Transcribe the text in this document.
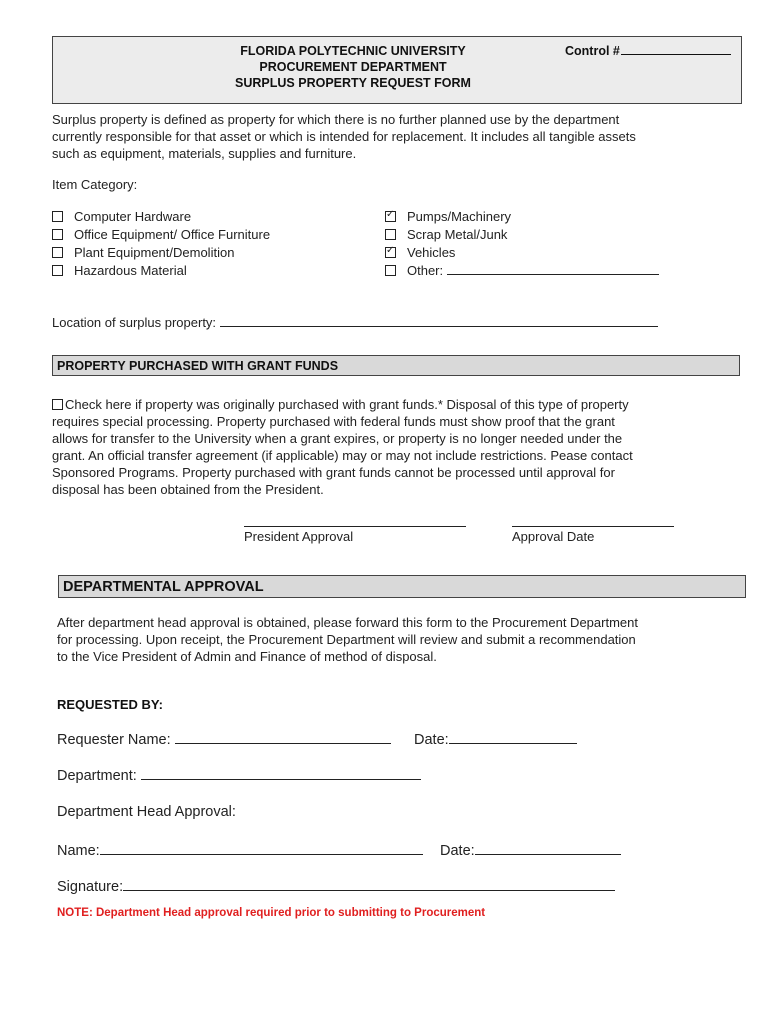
FLORIDA POLYTECHNIC UNIVERSITY
PROCUREMENT DEPARTMENT
SURPLUS PROPERTY REQUEST FORM
Control #
Surplus property is defined as property for which there is no further planned use by the department
currently responsible for that asset or which is intended for replacement. It includes all tangible assets
such as equipment, materials, supplies and furniture.
Item Category:
Computer Hardware
Office Equipment/ Office Furniture
Plant Equipment/Demolition
Hazardous Material
✓Pumps/Machinery
Scrap Metal/Junk
✓Vehicles
Other:
Location of surplus property:
PROPERTY PURCHASED WITH GRANT FUNDS
Check here if property was originally purchased with grant funds.* Disposal of this type of property
requires special processing. Property purchased with federal funds must show proof that the grant
allows for transfer to the University when a grant expires, or property is no longer needed under the
grant. An official transfer agreement (if applicable) may or may not include restrictions. Pease contact
Sponsored Programs. Property purchased with grant funds cannot be processed until approval for
disposal has been obtained from the President.
President Approval	Approval Date
DEPARTMENTAL APPROVAL
After department head approval is obtained, please forward this form to the Procurement Department
for processing. Upon receipt, the Procurement Department will review and submit a recommendation
to the Vice President of Admin and Finance of method of disposal.
REQUESTED BY:
Requester Name:	Date:
Department:
Department Head Approval:
Name:	Date:
Signature:
NOTE: Department Head approval required prior to submitting to Procurement
